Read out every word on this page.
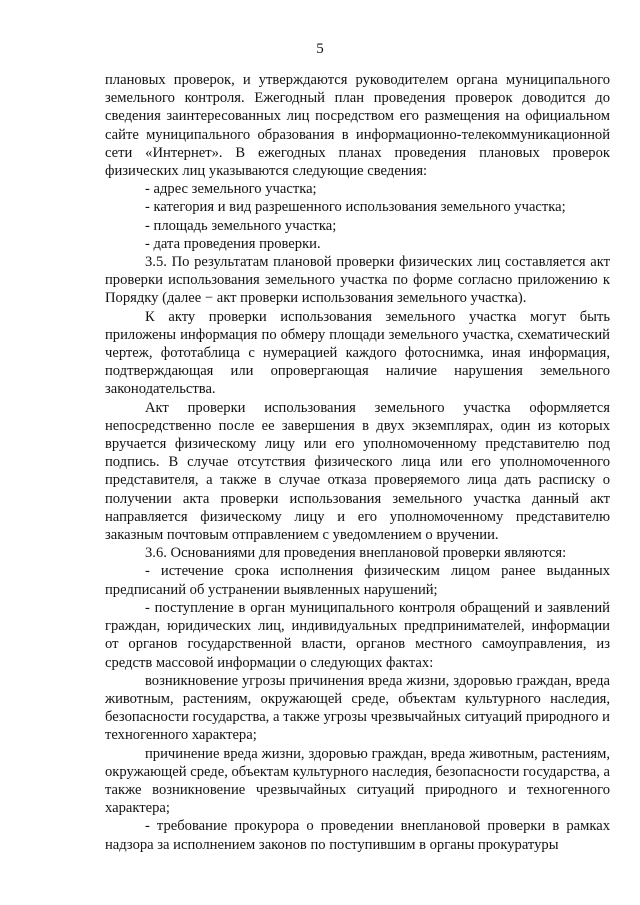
5

плановых проверок, и утверждаются руководителем органа муниципального земельного контроля. Ежегодный план проведения проверок доводится до сведения заинтересованных лиц посредством его размещения на официальном сайте муниципального образования в информационно-телекоммуникационной сети «Интернет». В ежегодных планах проведения плановых проверок физических лиц указываются следующие сведения:

- адрес земельного участка;

- категория и вид разрешенного использования земельного участка;

- площадь земельного участка;

- дата проведения проверки.

3.5. По результатам плановой проверки физических лиц составляется акт проверки использования земельного участка по форме согласно приложению к Порядку (далее − акт проверки использования земельного участка).

К акту проверки использования земельного участка могут быть приложены информация по обмеру площади земельного участка, схематический чертеж, фототаблица с нумерацией каждого фотоснимка, иная информация, подтверждающая или опровергающая наличие нарушения земельного законодательства.

Акт проверки использования земельного участка оформляется непосредственно после ее завершения в двух экземплярах, один из которых вручается физическому лицу или его уполномоченному представителю под подпись. В случае отсутствия физического лица или его уполномоченного представителя, а также в случае отказа проверяемого лица дать расписку о получении акта проверки использования земельного участка данный акт направляется физическому лицу и его уполномоченному представителю заказным почтовым отправлением с уведомлением о вручении.

3.6. Основаниями для проведения внеплановой проверки являются:

- истечение срока исполнения физическим лицом ранее выданных предписаний об устранении выявленных нарушений;

- поступление в орган муниципального контроля обращений и заявлений граждан, юридических лиц, индивидуальных предпринимателей, информации от органов государственной власти, органов местного самоуправления, из средств массовой информации о следующих фактах:

возникновение угрозы причинения вреда жизни, здоровью граждан, вреда животным, растениям, окружающей среде, объектам культурного наследия, безопасности государства, а также угрозы чрезвычайных ситуаций природного и техногенного характера;

причинение вреда жизни, здоровью граждан, вреда животным, растениям, окружающей среде, объектам культурного наследия, безопасности государства, а также возникновение чрезвычайных ситуаций природного и техногенного характера;

- требование прокурора о проведении внеплановой проверки в рамках надзора за исполнением законов по поступившим в органы прокуратуры
